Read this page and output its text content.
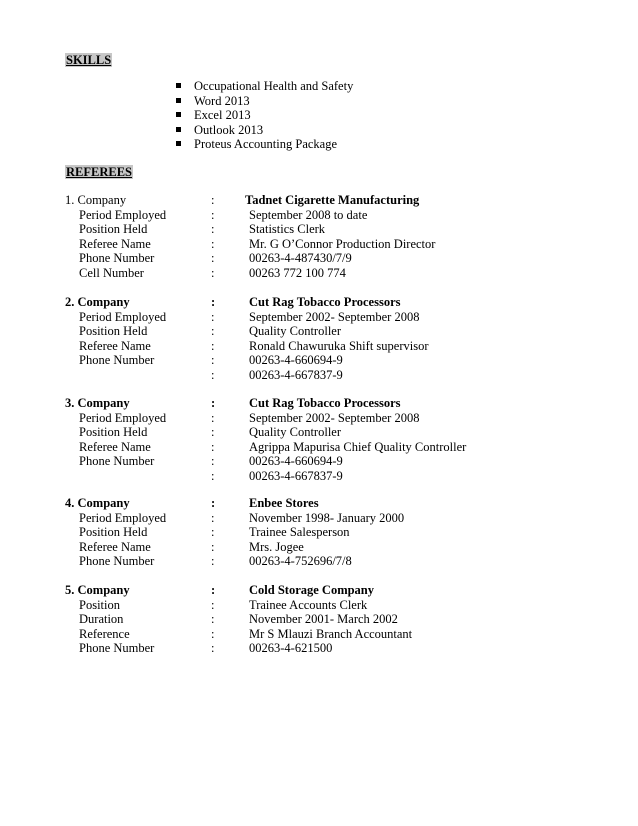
SKILLS
Occupational Health and Safety
Word 2013
Excel 2013
Outlook 2013
Proteus Accounting Package
REFEREES
1. Company	: Tadnet Cigarette Manufacturing
Period Employed	:	September 2008 to date
Position Held	:	Statistics Clerk
Referee Name	:	Mr. G O’Connor Production Director
Phone Number	:	00263-4-487430/7/9
Cell Number	:	00263 772 100 774
2. Company	:	Cut Rag Tobacco Processors
Period Employed	:	September 2002- September 2008
Position Held	:	Quality Controller
Referee Name	:	Ronald Chawuruka Shift supervisor
Phone Number	:	00263-4-660694-9
:	00263-4-667837-9
3. Company	:	Cut Rag Tobacco Processors
Period Employed	:	September 2002- September 2008
Position Held	:	Quality Controller
Referee Name	:	Agrippa Mapurisa Chief Quality Controller
Phone Number	:	00263-4-660694-9
:	00263-4-667837-9
4. Company	:	Enbee Stores
Period Employed	:	November 1998- January 2000
Position Held	:	Trainee Salesperson
Referee Name	:	Mrs. Jogee
Phone Number	:	00263-4-752696/7/8
5. Company	:	Cold Storage Company
Position	:	Trainee Accounts Clerk
Duration	:	November 2001- March 2002
Reference	:	Mr S Mlauzi Branch Accountant
Phone Number	:	00263-4-621500
